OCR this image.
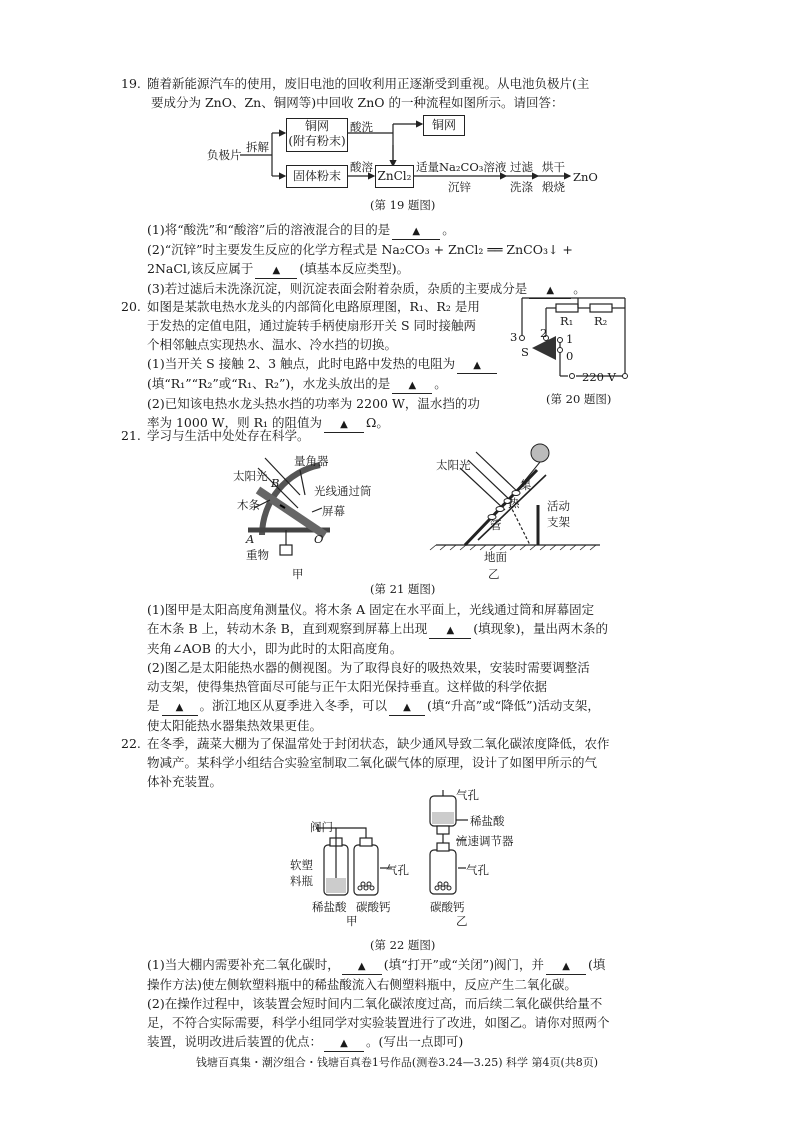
19. 随着新能源汽车的使用，废旧电池的回收利用正逐渐受到重视。从电池负极片(主
要成分为 ZnO、Zn、铜网等)中回收 ZnO 的一种流程如图所示。请回答：
负极片
拆解
铜网
(附有粉末)
酸洗	铜网
固体粉末
酸溶
ZnCl₂
适量Na₂CO₃溶液
沉锌
过滤
洗涤
烘干
煅烧
ZnO
(第 19 题图)
(1)将“酸洗”和“酸溶”后的溶液混合的目的是 ▲ 。
(2)“沉锌”时主要发生反应的化学方程式是 Na₂CO₃ + ZnCl₂ ══ ZnCO₃↓ +
2NaCl,该反应属于 ▲ (填基本反应类型)。
(3)若过滤后未洗涤沉淀，则沉淀表面会附着杂质，杂质的主要成分是 ▲ 。
20. 如图是某款电热水龙头的内部简化电路原理图，R₁、R₂ 是用
于发热的定值电阻，通过旋转手柄使扇形开关 S 同时接触两
个相邻触点实现热水、温水、冷水挡的切换。
(1)当开关 S 接触 2、3 触点，此时电路中发热的电阻为 ▲
(填“R₁”“R₂”或“R₁、R₂”)，水龙头放出的是 ▲ 。
(2)已知该电热水龙头热水挡的功率为 2200 W，温水挡的功
率为 1000 W，则 R₁ 的阻值为 ▲ Ω。
3 2 1
0
S
R₁ R₂
220 V
(第 20 题图)
21. 学习与生活中处处存在科学。
量角器
太阳光 B
光线通过筒
木条	屏幕
A	O
重物
甲
太阳光
集
热
管
活动
支架
地面
乙
(第 21 题图)
(1)图甲是太阳高度角测量仪。将木条 A 固定在水平面上，光线通过筒和屏幕固定
在木条 B 上，转动木条 B，直到观察到屏幕上出现 ▲ (填现象)，量出两木条的
夹角∠AOB 的大小，即为此时的太阳高度角。
(2)图乙是太阳能热水器的侧视图。为了取得良好的吸热效果，安装时需要调整活
动支架，使得集热管面尽可能与正午太阳光保持垂直。这样做的科学依据
是 ▲ 。浙江地区从夏季进入冬季，可以 ▲ (填“升高”或“降低”)活动支架，
使太阳能热水器集热效果更佳。
22. 在冬季，蔬菜大棚为了保温常处于封闭状态，缺少通风导致二氧化碳浓度降低，农作
物减产。某科学小组结合实验室制取二氧化碳气体的原理，设计了如图甲所示的气
体补充装置。
阀门
软塑
料瓶
气孔
稀盐酸 碳酸钙
甲
气孔
稀盐酸
流速调节器
气孔
碳酸钙
乙
(第 22 题图)
(1)当大棚内需要补充二氧化碳时， ▲ (填“打开”或“关闭”)阀门，并 ▲ (填
操作方法)使左侧软塑料瓶中的稀盐酸流入右侧塑料瓶中，反应产生二氧化碳。
(2)在操作过程中，该装置会短时间内二氧化碳浓度过高，而后续二氧化碳供给量不
足，不符合实际需要，科学小组同学对实验装置进行了改进，如图乙。请你对照两个
装置，说明改进后装置的优点： ▲ 。(写出一点即可)
钱塘百真集・潮汐组合・钱塘百真卷1号作品(测卷3.24—3.25) 科学 第4页(共8页)
